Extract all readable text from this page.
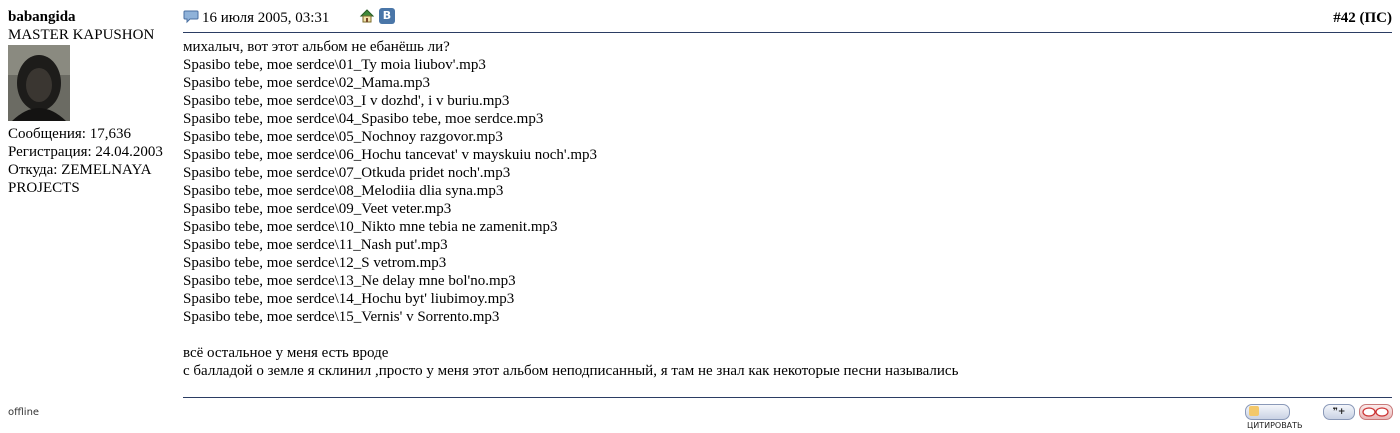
babangida
MASTER KAPUSHON
Сообщения: 17,636
Регистрация: 24.04.2003
Откуда: ZEMELNAYA PROJECTS
offline
16 июля 2005, 03:31	B	#42 (ПС)
михалыч, вот этот альбом не ебанёшь ли?
Spasibo tebe, moe serdce\01_Ty moia liubov'.mp3
Spasibo tebe, moe serdce\02_Mama.mp3
Spasibo tebe, moe serdce\03_I v dozhd', i v buriu.mp3
Spasibo tebe, moe serdce\04_Spasibo tebe, moe serdce.mp3
Spasibo tebe, moe serdce\05_Nochnoy razgovor.mp3
Spasibo tebe, moe serdce\06_Hochu tancevat' v mayskuiu noch'.mp3
Spasibo tebe, moe serdce\07_Otkuda pridet noch'.mp3
Spasibo tebe, moe serdce\08_Melodiia dlia syna.mp3
Spasibo tebe, moe serdce\09_Veet veter.mp3
Spasibo tebe, moe serdce\10_Nikto mne tebia ne zamenit.mp3
Spasibo tebe, moe serdce\11_Nash put'.mp3
Spasibo tebe, moe serdce\12_S vetrom.mp3
Spasibo tebe, moe serdce\13_Ne delay mne bol'no.mp3
Spasibo tebe, moe serdce\14_Hochu byt' liubimoy.mp3
Spasibo tebe, moe serdce\15_Vernis' v Sorrento.mp3
всё остальное у меня есть вроде
с балладой о земле я склинил ,просто у меня этот альбом неподписанный, я там не знал как некоторые песни назывались
ЦИТИРОВАТЬ
❞+
